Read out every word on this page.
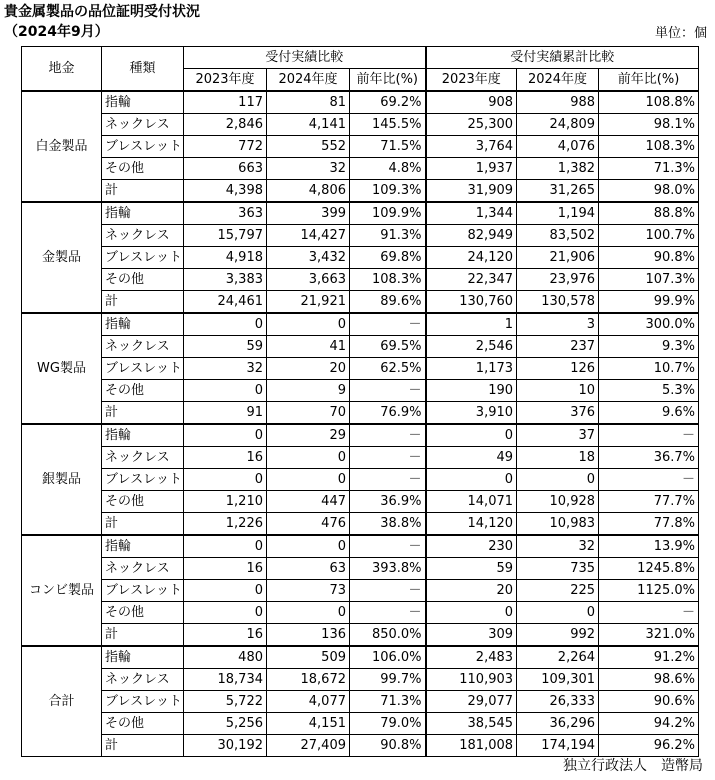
貴金属製品の品位証明受付状況
（2024年9月）	単位：個
地金	種類	受付実績比較			受付実績累計比較		
		2023年度	2024年度	前年比(%)	2023年度	2024年度	前年比(%)
白金製品	指輪	117	81	69.2%	908	988	108.8%
	ネックレス	2,846	4,141	145.5%	25,300	24,809	98.1%
	ブレスレット	772	552	71.5%	3,764	4,076	108.3%
	その他	663	32	4.8%	1,937	1,382	71.3%
	計	4,398	4,806	109.3%	31,909	31,265	98.0%
金製品	指輪	363	399	109.9%	1,344	1,194	88.8%
	ネックレス	15,797	14,427	91.3%	82,949	83,502	100.7%
	ブレスレット	4,918	3,432	69.8%	24,120	21,906	90.8%
	その他	3,383	3,663	108.3%	22,347	23,976	107.3%
	計	24,461	21,921	89.6%	130,760	130,578	99.9%
WG製品	指輪	0	0	－	1	3	300.0%
	ネックレス	59	41	69.5%	2,546	237	9.3%
	ブレスレット	32	20	62.5%	1,173	126	10.7%
	その他	0	9	－	190	10	5.3%
	計	91	70	76.9%	3,910	376	9.6%
銀製品	指輪	0	29	－	0	37	－
	ネックレス	16	0	－	49	18	36.7%
	ブレスレット	0	0	－	0	0	－
	その他	1,210	447	36.9%	14,071	10,928	77.7%
	計	1,226	476	38.8%	14,120	10,983	77.8%
コンビ製品	指輪	0	0	－	230	32	13.9%
	ネックレス	16	63	393.8%	59	735	1245.8%
	ブレスレット	0	73	－	20	225	1125.0%
	その他	0	0	－	0	0	－
	計	16	136	850.0%	309	992	321.0%
合計	指輪	480	509	106.0%	2,483	2,264	91.2%
	ネックレス	18,734	18,672	99.7%	110,903	109,301	98.6%
	ブレスレット	5,722	4,077	71.3%	29,077	26,333	90.6%
	その他	5,256	4,151	79.0%	38,545	36,296	94.2%
	計	30,192	27,409	90.8%	181,008	174,194	96.2%
独立行政法人　造幣局
